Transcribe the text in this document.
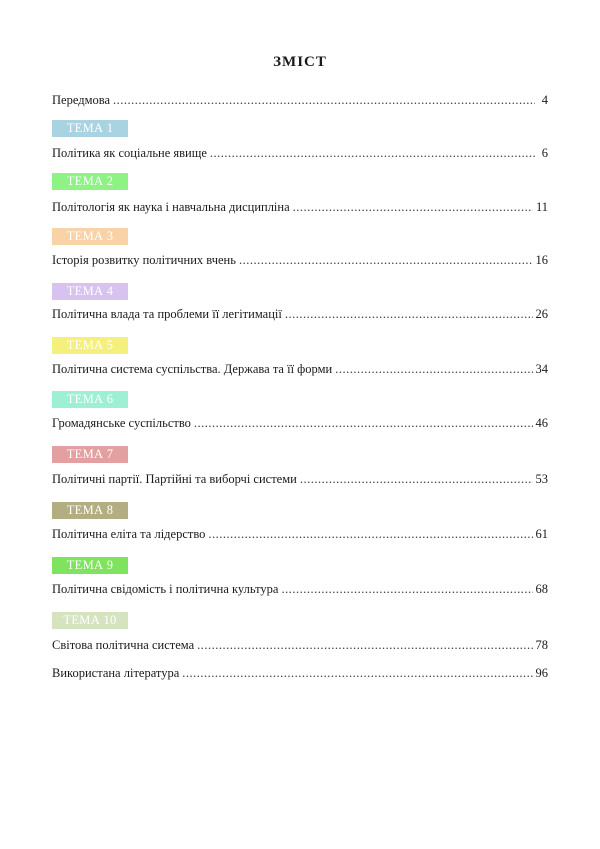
ЗМІСТ
Передмова .....	4
ТЕМА 1
Політика як соціальне явище .....	6
ТЕМА 2
Політологія як наука і навчальна дисципліна .....	11
ТЕМА 3
Історія розвитку політичних вчень .....	16
ТЕМА 4
Політична влада та проблеми її легітимації .....	26
ТЕМА 5
Політична система суспільства. Держава та її форми .....	34
ТЕМА 6
Громадянське суспільство .....	46
ТЕМА 7
Політичні партії. Партійні та виборчі системи .....	53
ТЕМА 8
Політична еліта та лідерство .....	61
ТЕМА 9
Політична свідомість і політична культура .....	68
ТЕМА 10
Світова політична система .....	78
Використана література .....	96
